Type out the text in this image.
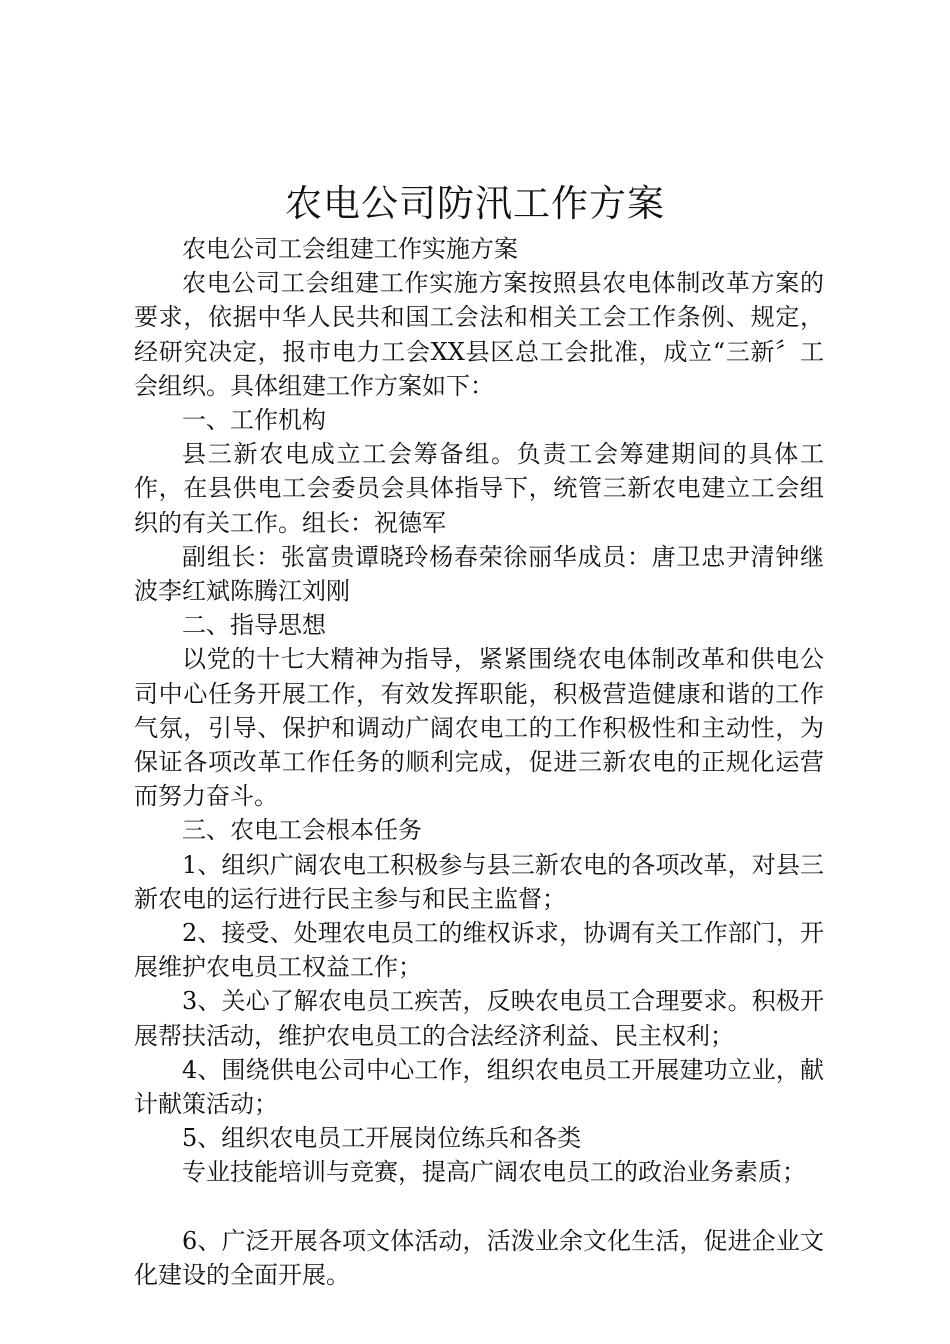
农电公司防汛工作方案

农电公司工会组建工作实施方案

农电公司工会组建工作实施方案按照县农电体制改革方案的要求，依据中华人民共和国工会法和相关工会工作条例、规定，经研究决定，报市电力工会XX县区总工会批准，成立“三新〞工会组织。具体组建工作方案如下：

一、工作机构

县三新农电成立工会筹备组。负责工会筹建期间的具体工作，在县供电工会委员会具体指导下，统管三新农电建立工会组织的有关工作。组长：祝德军

副组长：张富贵谭晓玲杨春荣徐丽华成员：唐卫忠尹清钟继波李红斌陈腾江刘刚

二、指导思想

以党的十七大精神为指导，紧紧围绕农电体制改革和供电公司中心任务开展工作，有效发挥职能，积极营造健康和谐的工作气氛，引导、保护和调动广阔农电工的工作积极性和主动性，为保证各项改革工作任务的顺利完成，促进三新农电的正规化运营而努力奋斗。

三、农电工会根本任务

1、组织广阔农电工积极参与县三新农电的各项改革，对县三新农电的运行进行民主参与和民主监督；

2、接受、处理农电员工的维权诉求，协调有关工作部门，开展维护农电员工权益工作；

3、关心了解农电员工疾苦，反映农电员工合理要求。积极开展帮扶活动，维护农电员工的合法经济利益、民主权利；

4、围绕供电公司中心工作，组织农电员工开展建功立业，献计献策活动；

5、组织农电员工开展岗位练兵和各类

专业技能培训与竞赛，提高广阔农电员工的政治业务素质；

6、广泛开展各项文体活动，活泼业余文化生活，促进企业文化建设的全面开展。
